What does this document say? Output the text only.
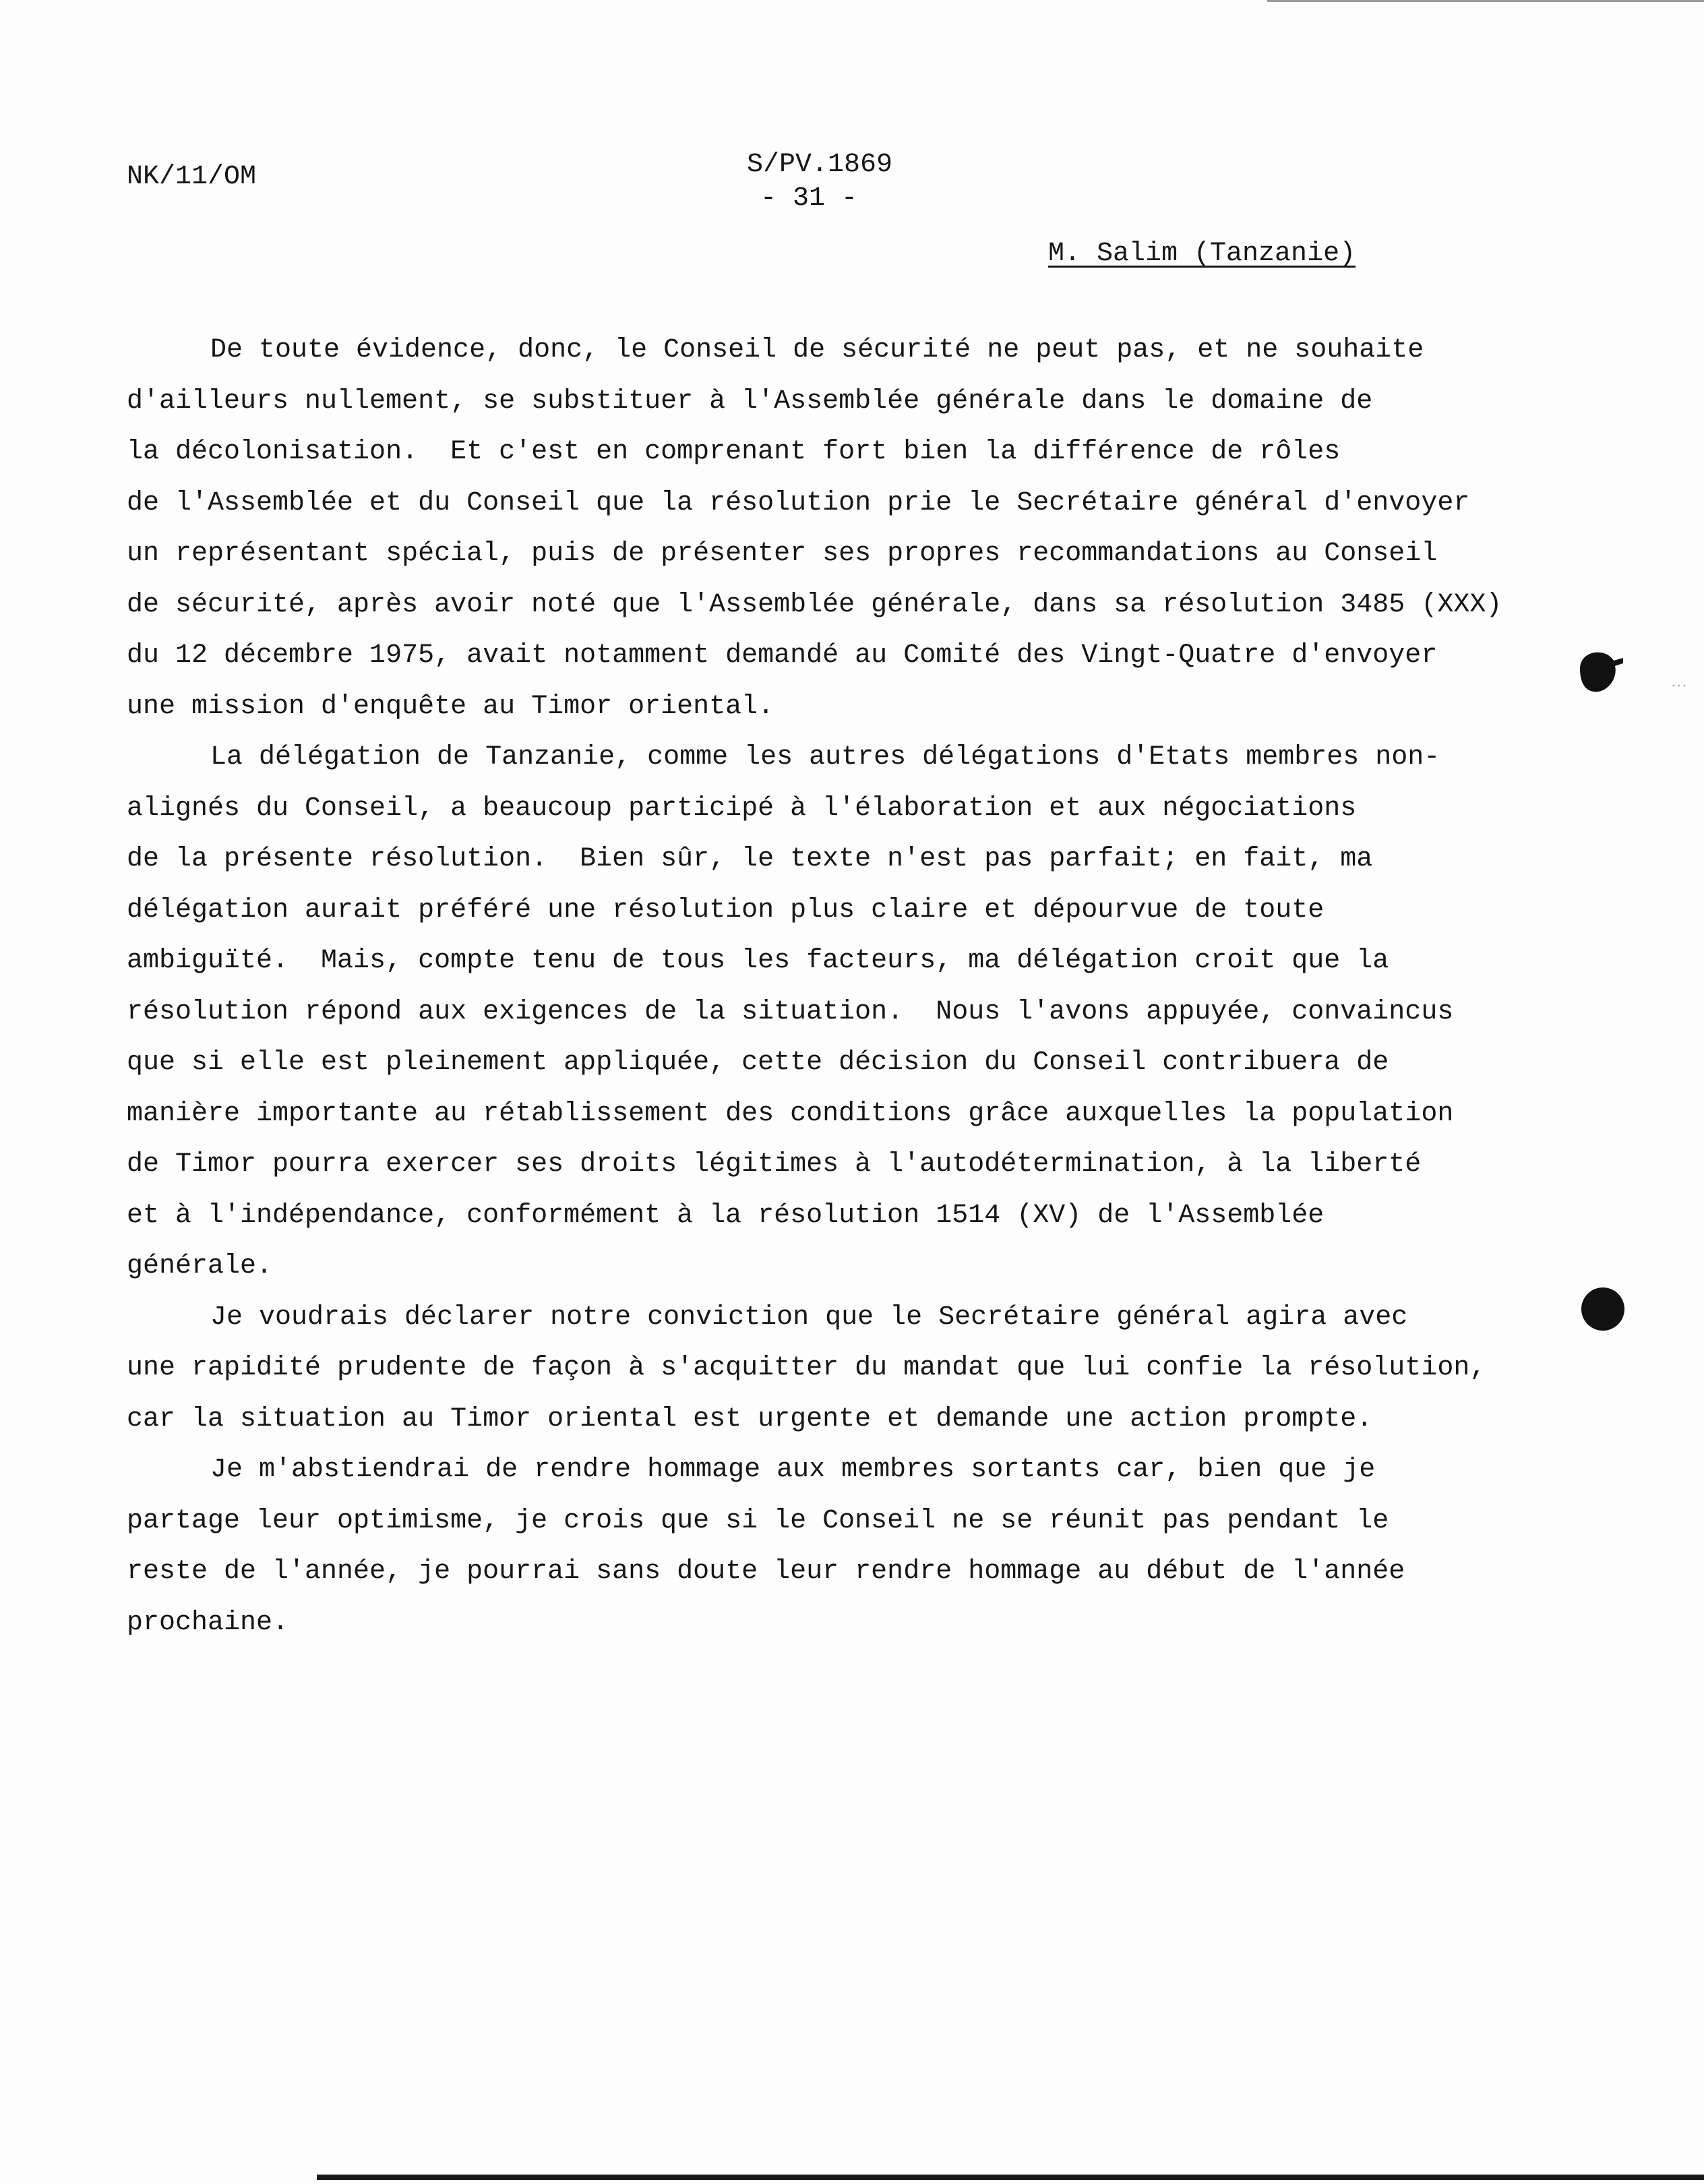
NK/11/OM	S/PV.1869
- 31 -
M. Salim (Tanzanie)
De toute évidence, donc, le Conseil de sécurité ne peut pas, et ne souhaite
d'ailleurs nullement, se substituer à l'Assemblée générale dans le domaine de
la décolonisation.  Et c'est en comprenant fort bien la différence de rôles
de l'Assemblée et du Conseil que la résolution prie le Secrétaire général d'envoyer
un représentant spécial, puis de présenter ses propres recommandations au Conseil
de sécurité, après avoir noté que l'Assemblée générale, dans sa résolution 3485 (XXX)
du 12 décembre 1975, avait notamment demandé au Comité des Vingt-Quatre d'envoyer
une mission d'enquête au Timor oriental.
La délégation de Tanzanie, comme les autres délégations d'Etats membres non-
alignés du Conseil, a beaucoup participé à l'élaboration et aux négociations
de la présente résolution.  Bien sûr, le texte n'est pas parfait; en fait, ma
délégation aurait préféré une résolution plus claire et dépourvue de toute
ambiguïté.  Mais, compte tenu de tous les facteurs, ma délégation croit que la
résolution répond aux exigences de la situation.  Nous l'avons appuyée, convaincus
que si elle est pleinement appliquée, cette décision du Conseil contribuera de
manière importante au rétablissement des conditions grâce auxquelles la population
de Timor pourra exercer ses droits légitimes à l'autodétermination, à la liberté
et à l'indépendance, conformément à la résolution 1514 (XV) de l'Assemblée
générale.
Je voudrais déclarer notre conviction que le Secrétaire général agira avec
une rapidité prudente de façon à s'acquitter du mandat que lui confie la résolution,
car la situation au Timor oriental est urgente et demande une action prompte.
Je m'abstiendrai de rendre hommage aux membres sortants car, bien que je
partage leur optimisme, je crois que si le Conseil ne se réunit pas pendant le
reste de l'année, je pourrai sans doute leur rendre hommage au début de l'année
prochaine.
